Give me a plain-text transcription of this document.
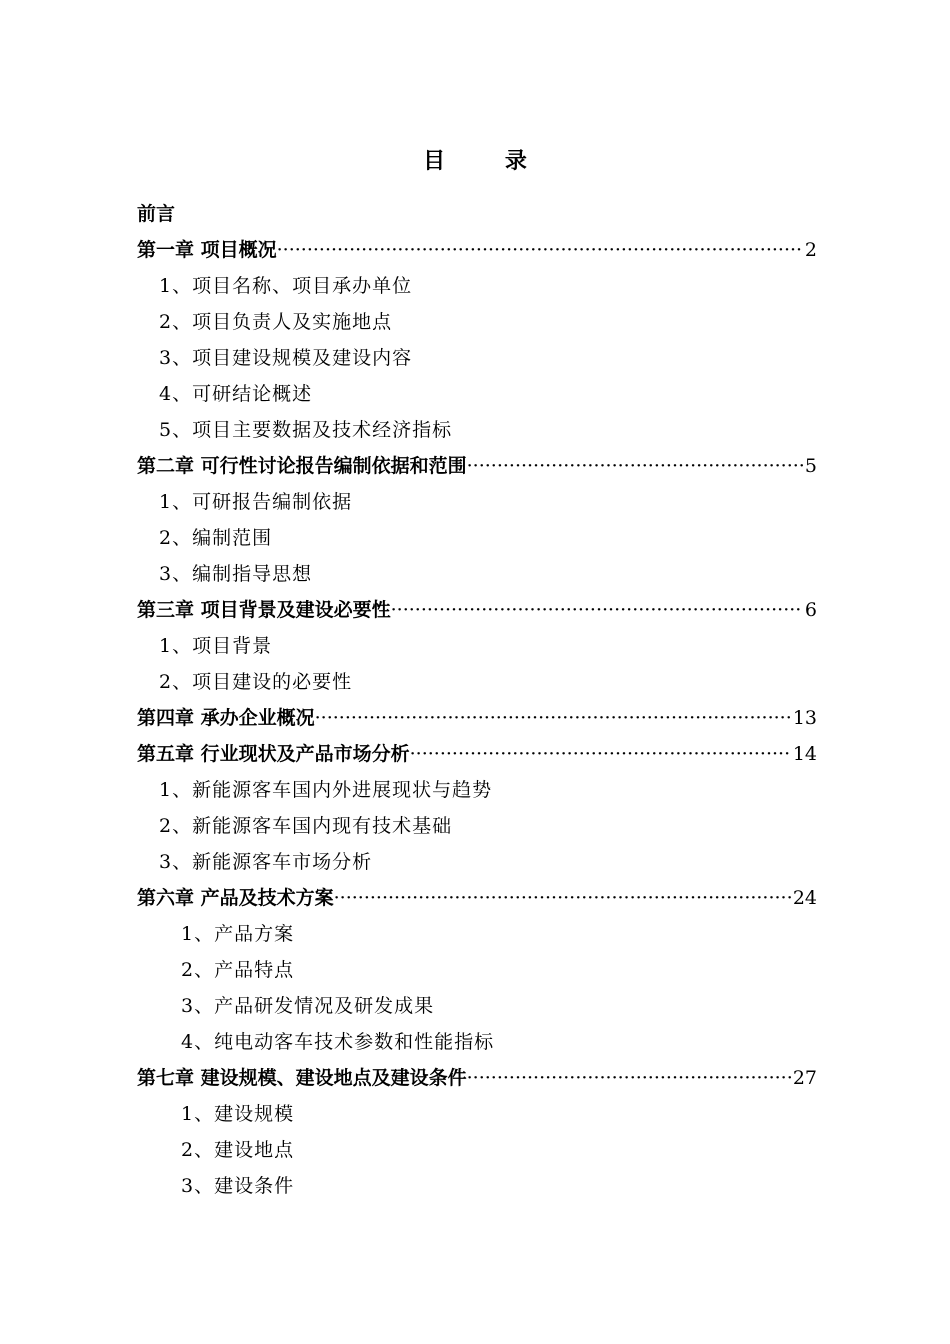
目 录
前言
第一章 项目概况 ·····	2
1、项目名称、项目承办单位
2、项目负责人及实施地点
3、项目建设规模及建设内容
4、可研结论概述
5、项目主要数据及技术经济指标
第二章 可行性讨论报告编制依据和范围 ·····	5
1、可研报告编制依据
2、编制范围
3、编制指导思想
第三章 项目背景及建设必要性 ·····	6
1、项目背景
2、项目建设的必要性
第四章 承办企业概况 ·····	13
第五章 行业现状及产品市场分析 ·····	14
1、新能源客车国内外进展现状与趋势
2、新能源客车国内现有技术基础
3、新能源客车市场分析
第六章 产品及技术方案 ·····	24
1、产品方案
2、产品特点
3、产品研发情况及研发成果
4、纯电动客车技术参数和性能指标
第七章 建设规模、建设地点及建设条件 ·····	27
1、建设规模
2、建设地点
3、建设条件
